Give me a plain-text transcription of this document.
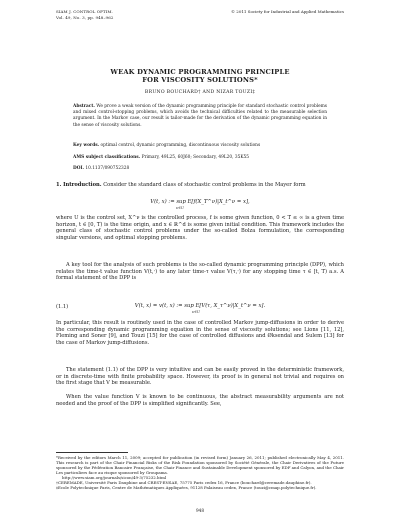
SIAM J. CONTROL OPTIM.
Vol. 49, No. 3, pp. 948–962
© 2011 Society for Industrial and Applied Mathematics
WEAK DYNAMIC PROGRAMMING PRINCIPLE
FOR VISCOSITY SOLUTIONS*
BRUNO BOUCHARD† AND NIZAR TOUZI‡
Abstract. We prove a weak version of the dynamic programming principle for standard stochastic control problems and mixed control-stopping problems, which avoids the technical difficulties related to the measurable selection argument. In the Markov case, our result is tailor-made for the derivation of the dynamic programming equation in the sense of viscosity solutions.
Key words. optimal control, dynamic programming, discontinuous viscosity solutions
AMS subject classifications. Primary, 49L25, 60J60; Secondary, 49L20, 35K55
DOI. 10.1137/090752328
1. Introduction. Consider the standard class of stochastic control problems in the Mayer form
V(t, x) := sup E[f(X_T^ν)|X_t^ν = x],
ν∈U
where U is the control set, X^ν is the controlled process, f is some given function, 0 < T ≤ ∞ is a given time horizon, t ∈ [0, T) is the time origin, and x ∈ ℝ^d is some given initial condition. This framework includes the general class of stochastic control problems under the so-called Bolza formulation, the corresponding singular versions, and optimal stopping problems.
A key tool for the analysis of such problems is the so-called dynamic programming principle (DPP), which relates the time-t value function V(t,·) to any later time-τ value V(τ,·) for any stopping time τ ∈ [t, T) a.s. A formal statement of the DPP is
(1.1)	V(t, x) = v(t, x) := sup E[V(τ, X_τ^ν)|X_t^ν = x].
ν∈U
In particular, this result is routinely used in the case of controlled Markov jump-diffusions in order to derive the corresponding dynamic programming equation in the sense of viscosity solutions; see Lions [11, 12], Fleming and Soner [9], and Touzi [15] for the case of controlled diffusions and Øksendal and Sulem [13] for the case of Markov jump-diffusions.
The statement (1.1) of the DPP is very intuitive and can be easily proved in the deterministic framework, or in discrete-time with finite probability space. However, its proof is in general not trivial and requires on the first stage that V be measurable.
When the value function V is known to be continuous, the abstract measurability arguments are not needed and the proof of the DPP is simplified significantly. See,

*Received by the editors March 11, 2009; accepted for publication (in revised form) January 26, 2011; published electronically May 4, 2011. This research is part of the Chair Financial Risks of the Risk Foundation sponsored by Société Générale, the Chair Derivatives of the Future sponsored by the Fédération Bancaire Française, the Chair Finance and Sustainable Development sponsored by EDF and Calyon, and the Chair Les particuliers face au risque sponsored by Groupama.

http://www.siam.org/journals/sicon/49-3/75232.html

†CEREMADE, Université Paris Dauphine and CREST-ENSAE, 75775 Paris cedex 16, France (bouchard@ceremade.dauphine.fr).

‡Ecole Polytechnique Paris, Centre de Mathématiques Appliquées, 91128 Palaiseau cedex, France (touzi@cmap.polytechnique.fr).

948
